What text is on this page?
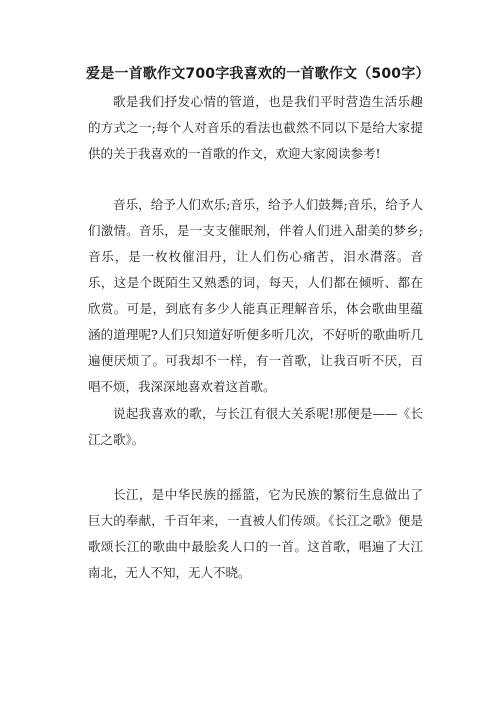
爱是一首歌作文700字我喜欢的一首歌作文（500字）

歌是我们抒发心情的管道，也是我们平时营造生活乐趣的方式之一;每个人对音乐的看法也截然不同以下是给大家提供的关于我喜欢的一首歌的作文，欢迎大家阅读参考!

音乐，给予人们欢乐;音乐，给予人们鼓舞;音乐，给予人们激情。音乐，是一支支催眠剂，伴着人们进入甜美的梦乡;音乐，是一枚枚催泪丹，让人们伤心痛苦，泪水潸落。音乐，这是个既陌生又熟悉的词，每天，人们都在倾听、都在欣赏。可是，到底有多少人能真正理解音乐，体会歌曲里蕴涵的道理呢?人们只知道好听便多听几次，不好听的歌曲听几遍便厌烦了。可我却不一样，有一首歌，让我百听不厌，百唱不烦，我深深地喜欢着这首歌。

说起我喜欢的歌，与长江有很大关系呢!那便是——《长江之歌》。

长江，是中华民族的摇篮，它为民族的繁衍生息做出了巨大的奉献，千百年来，一直被人们传颂。《长江之歌》便是歌颂长江的歌曲中最脍炙人口的一首。这首歌，唱遍了大江南北，无人不知，无人不晓。
